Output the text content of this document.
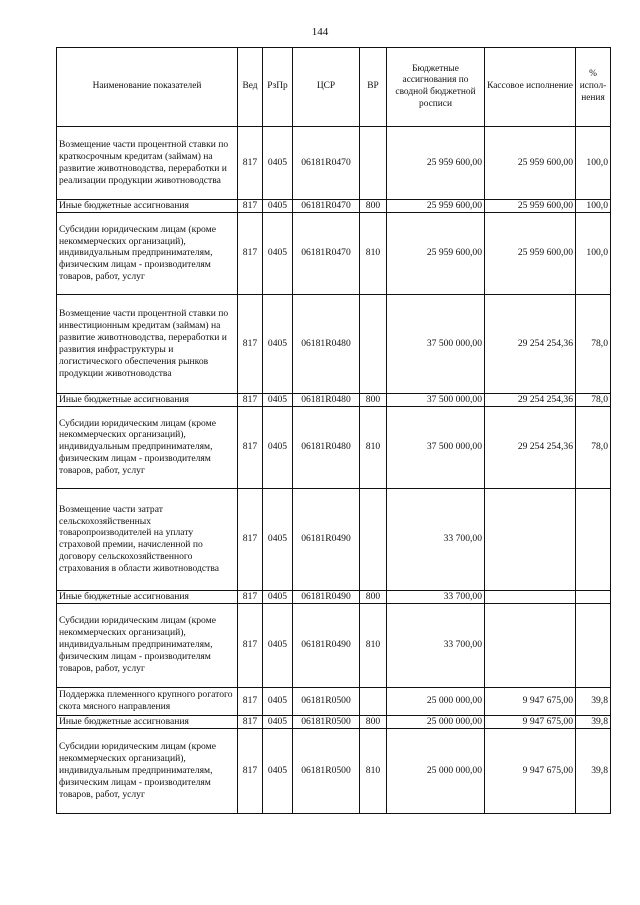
144
Наименование показателей	Вед	РзПр	ЦСР	ВР	Бюджетные ассигнования по сводной бюджетной росписи	Кассовое исполнение	% испол-нения
Возмещение части процентной ставки по краткосрочным кредитам (займам) на развитие животноводства, переработки и реализации продукции животноводства	817	0405	06181R0470		25 959 600,00	25 959 600,00	100,0
Иные бюджетные ассигнования	817	0405	06181R0470	800	25 959 600,00	25 959 600,00	100,0
Субсидии юридическим лицам (кроме некоммерческих организаций), индивидуальным предпринимателям, физическим лицам - производителям товаров, работ, услуг	817	0405	06181R0470	810	25 959 600,00	25 959 600,00	100,0
Возмещение части процентной ставки по инвестиционным кредитам (займам) на развитие животноводства, переработки и развития инфраструктуры и логистического обеспечения рынков продукции животноводства	817	0405	06181R0480		37 500 000,00	29 254 254,36	78,0
Иные бюджетные ассигнования	817	0405	06181R0480	800	37 500 000,00	29 254 254,36	78,0
Субсидии юридическим лицам (кроме некоммерческих организаций), индивидуальным предпринимателям, физическим лицам - производителям товаров, работ, услуг	817	0405	06181R0480	810	37 500 000,00	29 254 254,36	78,0
Возмещение части затрат сельскохозяйственных товаропроизводителей на уплату страховой премии, начисленной по договору сельскохозяйственного страхования в области животноводства	817	0405	06181R0490		33 700,00		
Иные бюджетные ассигнования	817	0405	06181R0490	800	33 700,00		
Субсидии юридическим лицам (кроме некоммерческих организаций), индивидуальным предпринимателям, физическим лицам - производителям товаров, работ, услуг	817	0405	06181R0490	810	33 700,00		
Поддержка племенного крупного рогатого скота мясного направления	817	0405	06181R0500		25 000 000,00	9 947 675,00	39,8
Иные бюджетные ассигнования	817	0405	06181R0500	800	25 000 000,00	9 947 675,00	39,8
Субсидии юридическим лицам (кроме некоммерческих организаций), индивидуальным предпринимателям, физическим лицам - производителям товаров, работ, услуг	817	0405	06181R0500	810	25 000 000,00	9 947 675,00	39,8
